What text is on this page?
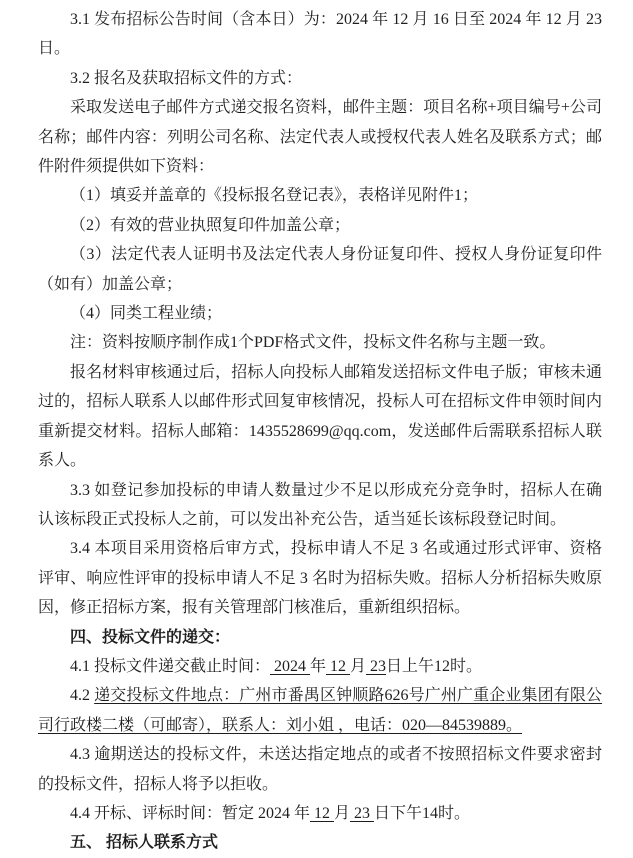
3.1 发布招标公告时间（含本日）为：2024 年 12 月 16 日至 2024 年 12 月 23 日。

3.2 报名及获取招标文件的方式：

采取发送电子邮件方式递交报名资料，邮件主题：项目名称+项目编号+公司名称；邮件内容：列明公司名称、法定代表人或授权代表人姓名及联系方式；邮件附件须提供如下资料：

（1）填妥并盖章的《投标报名登记表》，表格详见附件1；

（2）有效的营业执照复印件加盖公章；

（3）法定代表人证明书及法定代表人身份证复印件、授权人身份证复印件（如有）加盖公章；

（4）同类工程业绩；

注：资料按顺序制作成1个PDF格式文件，投标文件名称与主题一致。

报名材料审核通过后，招标人向投标人邮箱发送招标文件电子版；审核未通过的，招标人联系人以邮件形式回复审核情况，投标人可在招标文件申领时间内重新提交材料。招标人邮箱：1435528699@qq.com，发送邮件后需联系招标人联系人。

3.3 如登记参加投标的申请人数量过少不足以形成充分竞争时，招标人在确认该标段正式投标人之前，可以发出补充公告，适当延长该标段登记时间。

3.4 本项目采用资格后审方式，投标申请人不足 3 名或通过形式评审、资格评审、响应性评审的投标申请人不足 3 名时为招标失败。招标人分析招标失败原因，修正招标方案，报有关管理部门核准后，重新组织招标。

四、投标文件的递交：

4.1 投标文件递交截止时间： 2024 年 12 月 23日上午12时。

4.2 递交投标文件地点：广州市番禺区钟顺路626号广州广重企业集团有限公司行政楼二楼（可邮寄），联系人：刘小姐 ，电话：020—84539889。

4.3 逾期送达的投标文件，未送达指定地点的或者不按照招标文件要求密封的投标文件，招标人将予以拒收。

4.4 开标、评标时间：暂定 2024 年 12 月 23 日下午14时。

五、 招标人联系方式
